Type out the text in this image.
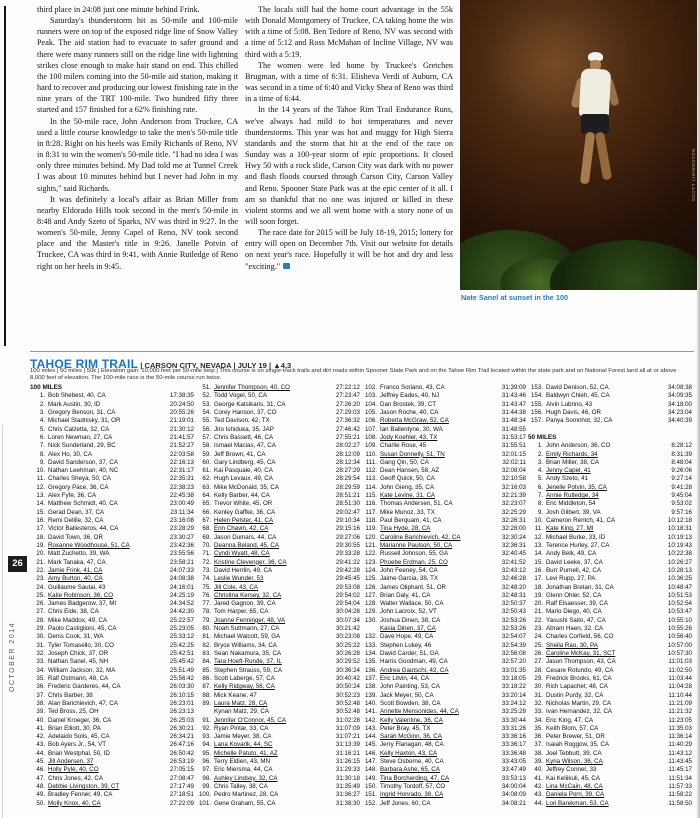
26
OCTOBER 2014

third place in 24:08 just one minute behind Frink.

Saturday's thunderstorm hit as 50-mile and 100-mile runners were on top of the exposed ridge line of Snow Valley Peak. The aid station had to evacuate to safer ground and there were many runners still on the ridge line with lightning strikes close enough to make hair stand on end. This chilled the 100 milers coming into the 50-mile aid station, making it hard to recover and producing our lowest finishing rate in the nine years of the TRT 100-mile. Two hundred fifty three started and 157 finished for a 62% finishing rate.

In the 50-mile race, John Anderson from Truckee, CA used a little course knowledge to take the men's 50-mile title in 8:28. Right on his heels was Emily Richards of Reno, NV in 8:31 to win the women's 50-mile title. "I had no idea I was only three minutes behind. My Dad told me at Tunnel Creek I was about 10 minutes behind but I never had John in my sights," said Richards.

It was definitely a local's affair as Brian Miller from nearby Eldorado Hills took second in the men's 50-mile in 8:48 and Andy Szeto of Sparks, NV was third in 9:27. In the women's 50-mile, Jenny Capel of Reno, NV took second place and the Master's title in 9:26. Janelle Potvin of Truckee, CA was third in 9:41, with Annie Rutledge of Reno right on her heels in 9:45.

The locals still had the home court advantage in the 55k with Donald Montgomery of Truckee, CA taking home the win with a time of 5:08. Ben Tedore of Reno, NV was second with a time of 5:12 and Ross McMahan of Incline Village, NV was third with a 5:19.

The women were led home by Truckee's Gretchen Brugman, with a time of 6:31. Elisheva Verdi of Auburn, CA was second in a time of 6:40 and Vicky Shea of Reno was third in a time of 6:44.

In the 14 years of the Tahoe Rim Trail Endurance Runs, we've always had mild to hot temperatures and never thunderstorms. This year was hot and muggy for High Sierra standards and the storm that hit at the end of the race on Sunday was a 100-year storm of epic proportions. It closed Hwy 50 with a rock slide, Carson City was dark with no power and flash floods coursed through Carson City, Carson Valley and Reno. Spooner State Park was at the epic center of it all. I am so thankful that no one was injured or killed in these violent storms and we all went home with a story none of us will soon forget.

The race date for 2015 will be July 18-19, 2015; lottery for entry will open on December 7th. Visit our website for details on next year's race. Hopefully it will be hot and dry and less "exciting."

SCOTT LIVINGSTON
Nate Sanel at sunset in the 100
TAHOE RIM TRAIL | CARSON CITY, NEVADA | JULY 19 | ▲4,3
100 miles | 50 miles | 50k | Elevation gain: 10,000 feet per 50-mile loop | This course is on single-track trails and dirt roads within Spooner State Park and on the Tahoe Rim Trail located within the state park and on National Forest land all at or above 8,000 feet of elevation. The 100-mile race is the 50-mile course run twice.
100 MILES
1. Bob Shebest, 40, CA	17:38:35
2. Mark Austin, 30, ID	20:24:50
3. Gregory Benson, 31, CA	20:55:26
4. Michael Stadnisky, 31, OR	21:19:01
5. Chris Calzetta, 32, CA	21:30:12
6. Loren Newman, 27, CA	21:41:57
7. Nick Sunderland, 29, BC	21:52:27
8. Alex Ho, 30, CA	22:03:58
9. David Sanderson, 37, CA	22:16:13
10. Nathan Leehman, 40, NC	22:31:17
11. Charles Sheya, 50, CA	22:35:31
12. Gregory Pace, 36, CA	22:38:23
13. Alex Fyfe, 36, CA	22:45:38
14. Matthew Schmidt, 40, CA	23:00:49
15. Gerad Dean, 37, CA	23:11:34
16. Remi Delille, 32, CA	23:16:08
17. Victor Ballesteros, 44, CA	23:28:29
18. David Town, 36, OR	23:30:27
19. Roxanne Woodhouse, 51, CA	23:42:36
20. Matt Zuchetto, 39, WA	23:55:56
21. Mark Tanaka, 47, CA	23:58:21
22. Jamie Frink, 41, CA	24:07:33
23. Amy Burton, 40, CA	24:08:38
24. Guillaume Sautai, 43	24:16:01
25. Katie Robinson, 36, CO	24:25:19
26. James Badgerow, 37, MI	24:34:52
27. Chris Eide, 38, CA	24:42:30
28. Mike Maddox, 49, CA	25:22:57
29. Paolo Castiglioni, 45, CA	25:23:05
30. Denis Cook, 31, WA	25:33:12
31. Tyler Tomasello, 30, CO	25:42:25
32. Joseph Chick, 37, OR	25:42:51
33. Nathan Sanel, 45, NH	25:45:42
34. William Jackson, 32, MA	25:51:49
35. Ralf Ostmann, 48, CA	25:56:42
36. Frederic Garderes, 44, CA	26:03:30
37. Chris Barber, 38	26:10:15
38. Alan Barichievich, 47, CA	26:23:01
39. Ted Bross, 25, OH	26:23:13
40. Daniel Kroeger, 36, CA	26:25:03
41. Brian Elliott, 30, PA	26:30:21
42. Adelaido Solis, 45, CA	26:34:21
43. Bob Ayers Jr., 54, VT	26:47:16
44. Brian Westphal, 50, ID	26:50:42
45. Jill Andersen, 37	26:53:19
46. Holly Pyle, 40, CO	27:05:15
47. Chris Jones, 42, CA	27:08:47
48. Debbie Livingston, 39, CT	27:17:49
49. Bradley Fenner, 49, CA	27:18:51
50. Molly Knox, 40, CA	27:22:09
51. Jennifer Thompson, 40, CO	27:22:12
52. Todd Vogel, 50, CA	27:23:47
53. George Katsikaris, 31, CA	27:26:20
54. Corey Hanson, 37, CO	27:29:03
55. Ted Davison, 42, TX	27:36:32
56. Jiro Ishiduka, 35, JAP	27:46:42
57. Chris Bassett, 46, CA	27:55:21
58. Ismael Macias, 47, CA	28:02:27
59. Jeff Brown, 41, CA	28:12:09
60. Gary Lindberg, 45, CA	28:12:34
61. Kai Pasquale, 40, CA	28:27:29
62. Hugh Levaux, 49, CA	28:29:54
63. Mike McDonald, 35, CA	28:29:59
64. Kelly Barber, 44, CA	28:51:21
65. Trevor White, 45, OR	28:51:30
66. Kenley Gaffke, 36, CA	29:02:47
67. Helen Pelster, 41, CA	29:10:34
68. Erin Chavin, 42, CA	29:15:16
69. Jason Dumars, 44, CA	29:27:06
70. Deanna Beland, 45, CA	29:30:55
71. Cyndi Wyatt, 48, CA	29:33:28
72. Kristine Clevenger, 36, CA	29:41:22
73. David Herrlin, 49, CA	29:42:28
74. Leslie Wunder, 53	29:45:45
75. Jill Cole, 43, CA	29:53:08
76. Christina Kersey, 32, CA	29:54:02
77. Jared Gagnon, 39, CA	29:54:04
78. Tom Harper, 65, CA	30:04:28
79. Joanne Fenninger, 48, VA	30:07:34
80. Noah Suttmann, 27, CA	30:21:42
81. Michael Walcott, 59, GA	30:23:08
82. Bryce Williams, 34, CA	30:25:22
83. Sean Nakamura, 35, CA	30:26:28
84. Tara Hoeft-Runde, 37, IL	30:29:52
85. Stephen Strauss, 59, CA	30:36:24
86. Scott Laberge, 57, CA	30:40:42
87. Kelly Ridgway, 56, CA	30:50:24
88. Mick Keane, 47	30:52:23
89. Laura Matz, 28, CA	30:52:48
Kynan Matz, 29, CA	30:52:48
91. Jennifer O'Connor, 45, CA	31:02:28
92. Ryan Pintar, 33, CA	31:07:09
93. Jamie Meyer, 38, CA	31:07:21
94. Lana Kovarik, 44, SC	31:13:39
95. Michelle Patuto, 41, AZ	31:16:21
96. Terry Eldien, 43, MN	31:26:15
97. Eric Miersma, 44, CA	31:29:33
98. Ashley Lindsey, 32, CA	31:30:18
99. Chris Talley, 38, CA	31:35:49
100. Pedro Martinez, 28, CA	31:36:27
101. Gene Graham, 55, CA	31:38:30
102. Franco Soriano, 43, CA	31:39:09
103. Jeffrey Eades, 40, NJ	31:43:46
104. Dan Brostek, 39, CT	31:43:47
105. Jason Roche, 40, CA	31:44:38
106. Roberta McGraw, 52, CA	31:48:34
107. Ian Ballentyne, 30, WA	31:48:55
108. Jody Koehler, 43, TX	31:53:17
109. Charlie Rose, 45	31:55:51
110. Susan Donnelly, 51, TN	32:01:15
111. Gang Qin, 50, CA	32:02:11
112. Dean Hansen, 58, AZ	32:08:04
113. Geoff Quick, 50, CA	32:10:58
114. John Gieng, 35, CA	32:16:03
115. Kate Levine, 31, CA	32:21:39
116. Thomas Andersen, 51, CA	32:23:07
117. Mike Munoz, 33, TX	32:25:29
118. Paul Berquam, 41, CA	32:26:31
119. Tina Hyde, 28, CA	32:28:00
120. Caroline Barichievich, 42, CA	32:30:24
121. Marianne Paulson, 50, CA	32:36:31
122. Russell Johnson, 55, GA	32:40:45
123. Phoebe Erdman, 25, CO	32:41:52
124. John Feeney, 54, CA	32:43:12
125. Jaime Garcia, 38, TX	32:46:28
126. James Oliphant, 51, OR	32:48:20
127. Brian Daly, 41, CA	32:48:31
128. Walter Wallace, 50, CA	32:50:37
129. John Lacroix, 52, VT	32:50:43
130. Joshua Dinen, 38, CA	32:53:26
Kasia Dinen, 37, CA	32:53:26
132. Dave Hope, 49, CA	32:54:07
133. Stephen Lukey, 46	32:54:39
134. David Carder, 51, GA	32:56:08
135. Harris Goodman, 49, CA	32:57:20
136. Andrea Gautschi, 42, CA	33:01:35
137. Eric Litvin, 44, CA	33:18:05
138. John Painting, 53, CA	33:18:22
139. Jack Meyer, 50, CA	33:20:14
140. Scott Bowden, 38, CA	33:24:12
141. Annette Mensonides, 44, CA	33:25:28
142. Kelly Valentine, 36, CA	33:30:44
143. Peter Bray, 45, TX	33:31:26
144. Sarah McGinn, 36, CA	33:36:16
145. Jerry Flanagan, 48, CA	33:36:17
146. Kelly Haxton, 43, CA	33:36:48
147. Steve Osborne, 40, CA	33:43:05
148. Barbara Ashe, 65, CA	33:47:49
149. Tina Borcherding, 47, CA	33:53:13
150. Timothy Tordoff, 57, CO	34:00:04
151. Ingrid Honrado, 38, CA	34:08:09
152. Jeff Jones, 60, CA	34:08:21
153. David Denison, 52, CA	34:08:38
154. Baldwyn Chieh, 45, CA	34:09:35
155. Alvin Lubrino, 43	34:18:00
156. Hugh Davis, 46, OR	34:23:04
157. Panya Somnhot, 32, CA	34:40:39
50 MILES
1. John Anderson, 36, CO	8:28:12
2. Emily Richards, 34	8:31:39
3. Brian Miller, 38, CA	8:48:04
4. Jenny Capel, 41	9:26:06
5. Andy Szeto, 41	9:27:14
6. Jenelle Potvin, 35, CA	9:41:28
7. Annie Rutledge, 34	9:45:04
8. Eric Middleton, 54	9:53:02
9. Josh Gilbert, 39, VA	9:57:16
10. Cameron Rentch, 41, CA	10:12:18
11. Kate King, 27, MI	10:18:31
12. Michael Burke, 33, ID	10:19:13
13. Terence Hurley, 27, CA	10:19:43
14. Andy Belk, 49, CA	10:22:38
15. David Leeke, 37, CA	10:26:27
16. Burr Purnell, 42, CA	10:28:13
17. Levi Rupp, 27, PA	10:36:25
18. Jonathan Bretan, 31, CA	10:48:47
19. Glenn Ohler, 52, CA	10:51:53
20. Ralf Elsaesser, 39, CA	10:52:54
21. Mario Diego, 40, CA	10:53:47
22. Yasushi Saito, 47, CA	10:55:10
23. Abram Haen, 32, CA	10:55:26
24. Charles Corfield, 56, CO	10:56:40
25. Sheila Rao, 30, PA	10:57:00
26. Caroline McKay, 31, SCT	10:57:30
27. Jason Thompson, 43, CA	11:01:03
28. Cesare Rotundo, 49, CA	11:02:50
29. Fredrick Brooks, 61, CA	11:03:44
30. Rich Lapachet, 48, CA	11:04:28
31. Dustin Purdy, 32, CA	11:10:44
32. Nicholas Martin, 29, CA	11:21:09
33. Ivan Hernandez, 32, CA	11:21:32
34. Eric King, 47, CA	11:23:05
35. Keith Blom, 57, CA	11:35:03
36. Peter Brewer, 51, OR	11:36:14
37. Isaiah Roggow, 35, CA	11:40:29
38. Joel Tebbutt, 39, CA	11:43:12
39. Kyria Wilson, 36, CA	11:43:45
40. Jeffrey Conner, 33	11:45:17
41. Kai Keliikuli, 45, CA	11:51:34
42. Lina McCain, 48, CA	11:57:33
43. Daniela Porri, 39, CA	11:58:22
44. Lori Barekman, 53, CA	11:58:50
